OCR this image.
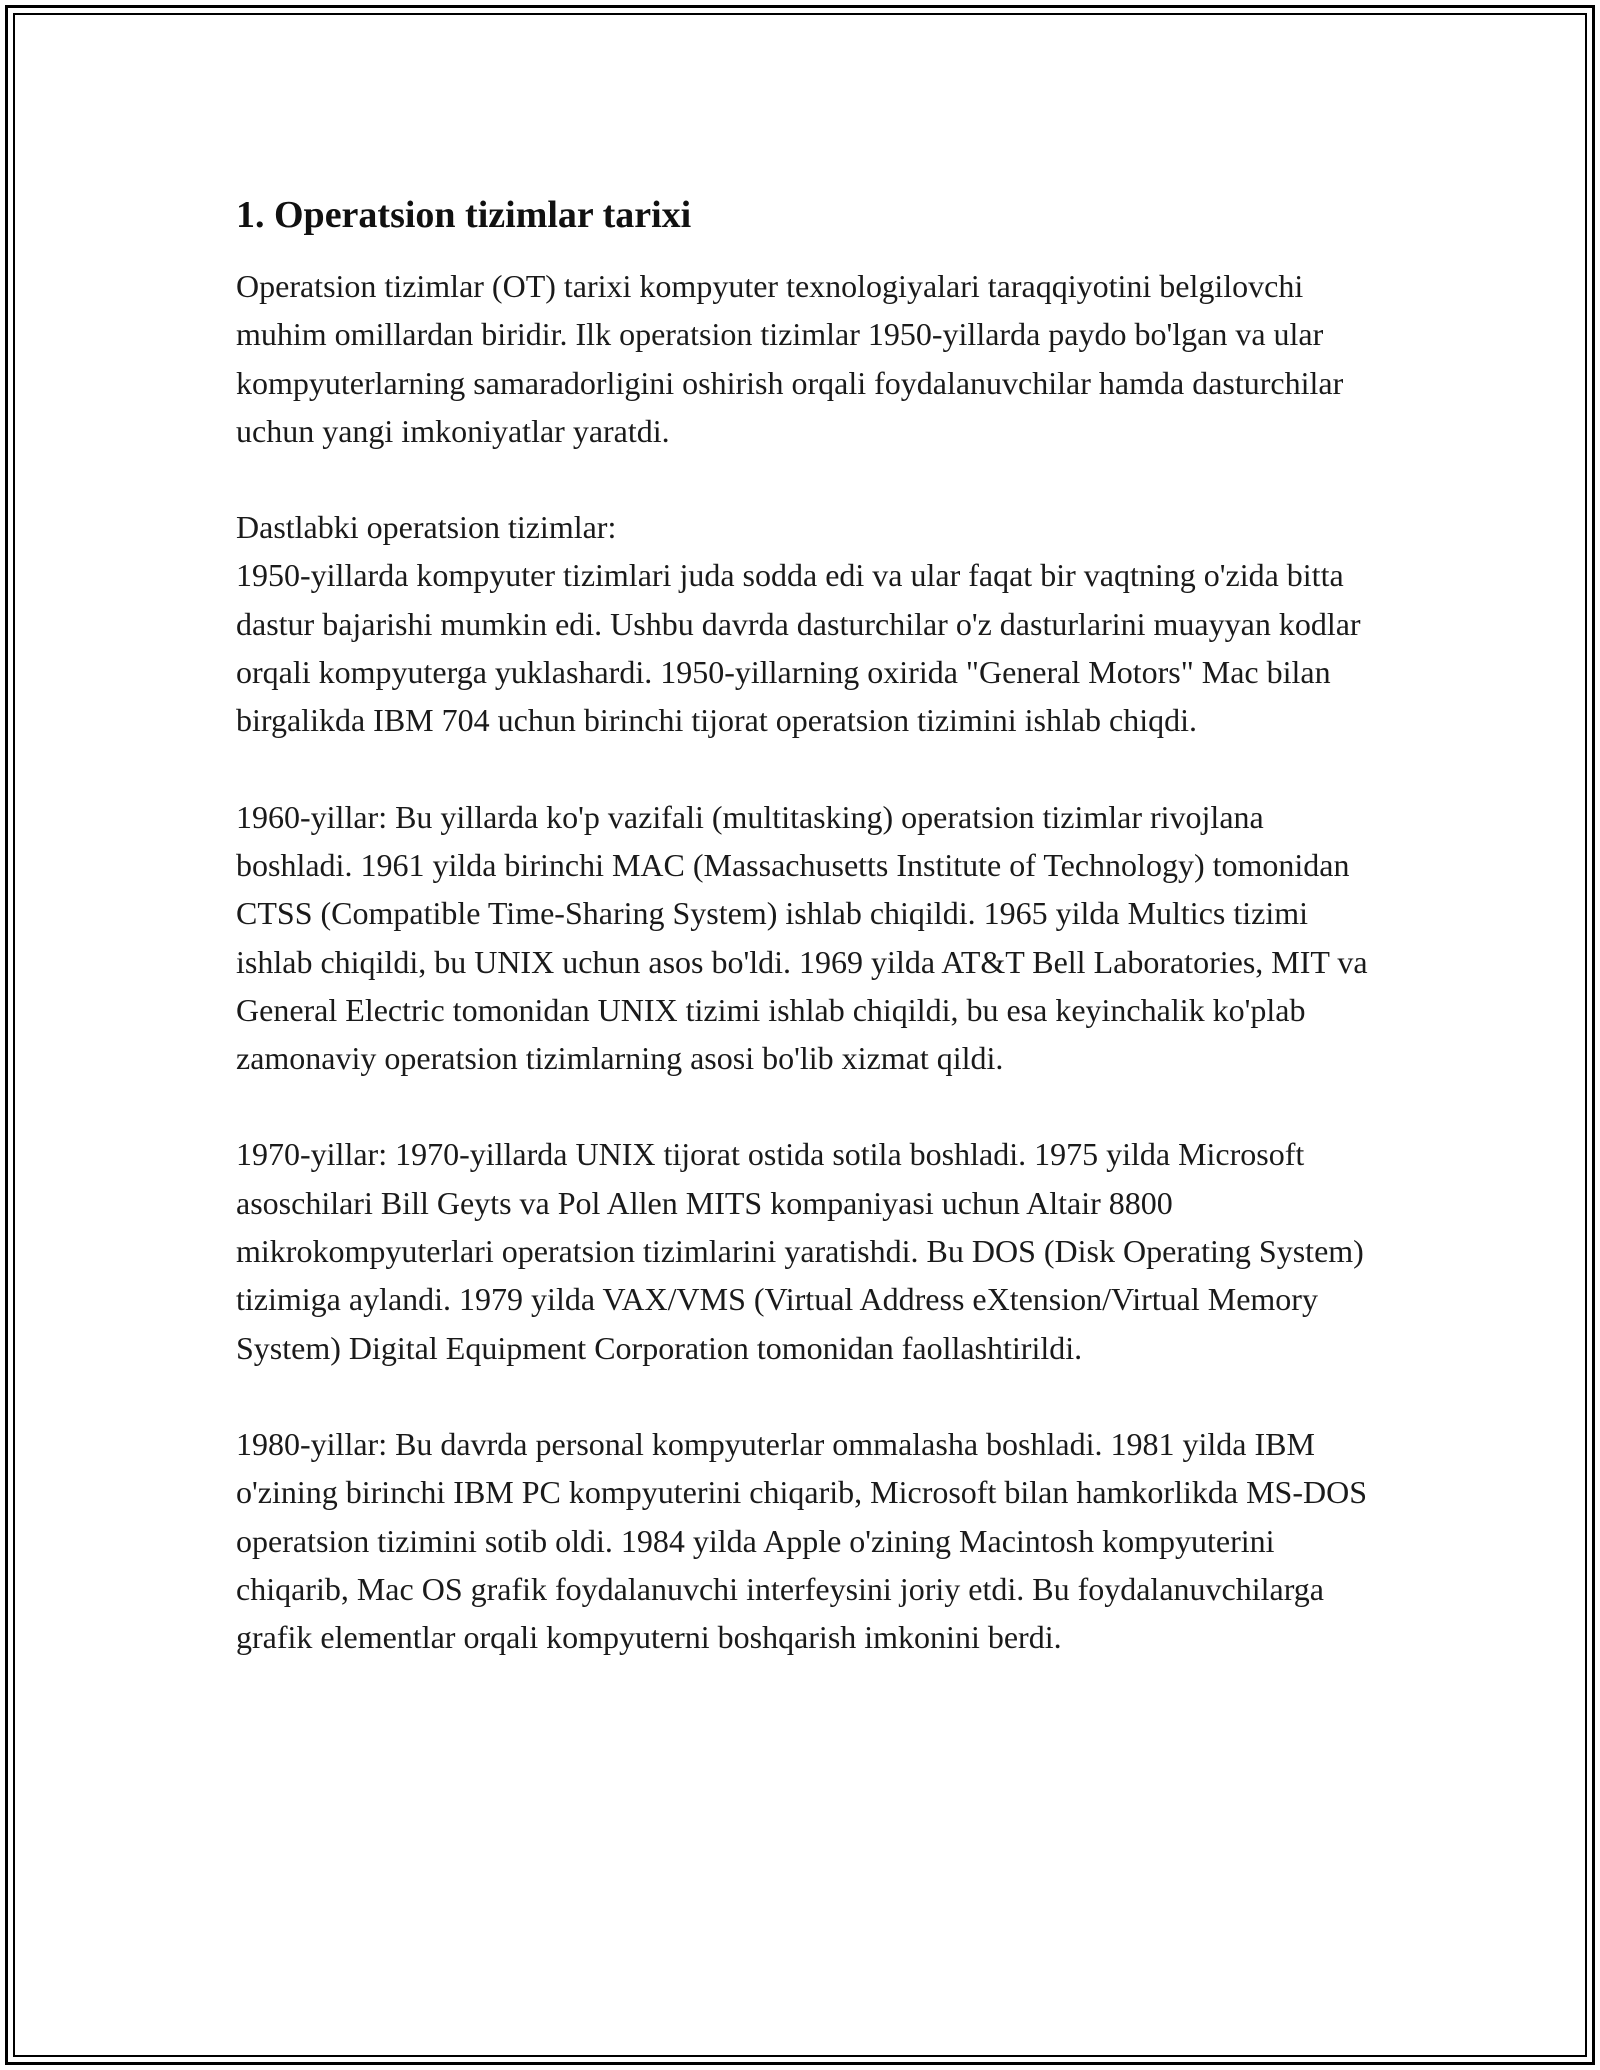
1. Operatsion tizimlar tarixi

Operatsion tizimlar (OT) tarixi kompyuter texnologiyalari taraqqiyotini belgilovchi muhim omillardan biridir. Ilk operatsion tizimlar 1950-yillarda paydo bo'lgan va ular kompyuterlarning samaradorligini oshirish orqali foydalanuvchilar hamda dasturchilar uchun yangi imkoniyatlar yaratdi.

Dastlabki operatsion tizimlar:

1950-yillarda kompyuter tizimlari juda sodda edi va ular faqat bir vaqtning o'zida bitta dastur bajarishi mumkin edi. Ushbu davrda dasturchilar o'z dasturlarini muayyan kodlar orqali kompyuterga yuklashardi. 1950-yillarning oxirida "General Motors" Mac bilan birgalikda IBM 704 uchun birinchi tijorat operatsion tizimini ishlab chiqdi.

1960-yillar: Bu yillarda ko'p vazifali (multitasking) operatsion tizimlar rivojlana boshladi. 1961 yilda birinchi MAC (Massachusetts Institute of Technology) tomonidan CTSS (Compatible Time-Sharing System) ishlab chiqildi. 1965 yilda Multics tizimi ishlab chiqildi, bu UNIX uchun asos bo'ldi. 1969 yilda AT&T Bell Laboratories, MIT va General Electric tomonidan UNIX tizimi ishlab chiqildi, bu esa keyinchalik ko'plab zamonaviy operatsion tizimlarning asosi bo'lib xizmat qildi.

1970-yillar: 1970-yillarda UNIX tijorat ostida sotila boshladi. 1975 yilda Microsoft asoschilari Bill Geyts va Pol Allen MITS kompaniyasi uchun Altair 8800 mikrokompyuterlari operatsion tizimlarini yaratishdi. Bu DOS (Disk Operating System) tizimiga aylandi. 1979 yilda VAX/VMS (Virtual Address eXtension/Virtual Memory System) Digital Equipment Corporation tomonidan faollashtirildi.

1980-yillar: Bu davrda personal kompyuterlar ommalasha boshladi. 1981 yilda IBM o'zining birinchi IBM PC kompyuterini chiqarib, Microsoft bilan hamkorlikda MS-DOS operatsion tizimini sotib oldi. 1984 yilda Apple o'zining Macintosh kompyuterini chiqarib, Mac OS grafik foydalanuvchi interfeysini joriy etdi. Bu foydalanuvchilarga grafik elementlar orqali kompyuterni boshqarish imkonini berdi.
